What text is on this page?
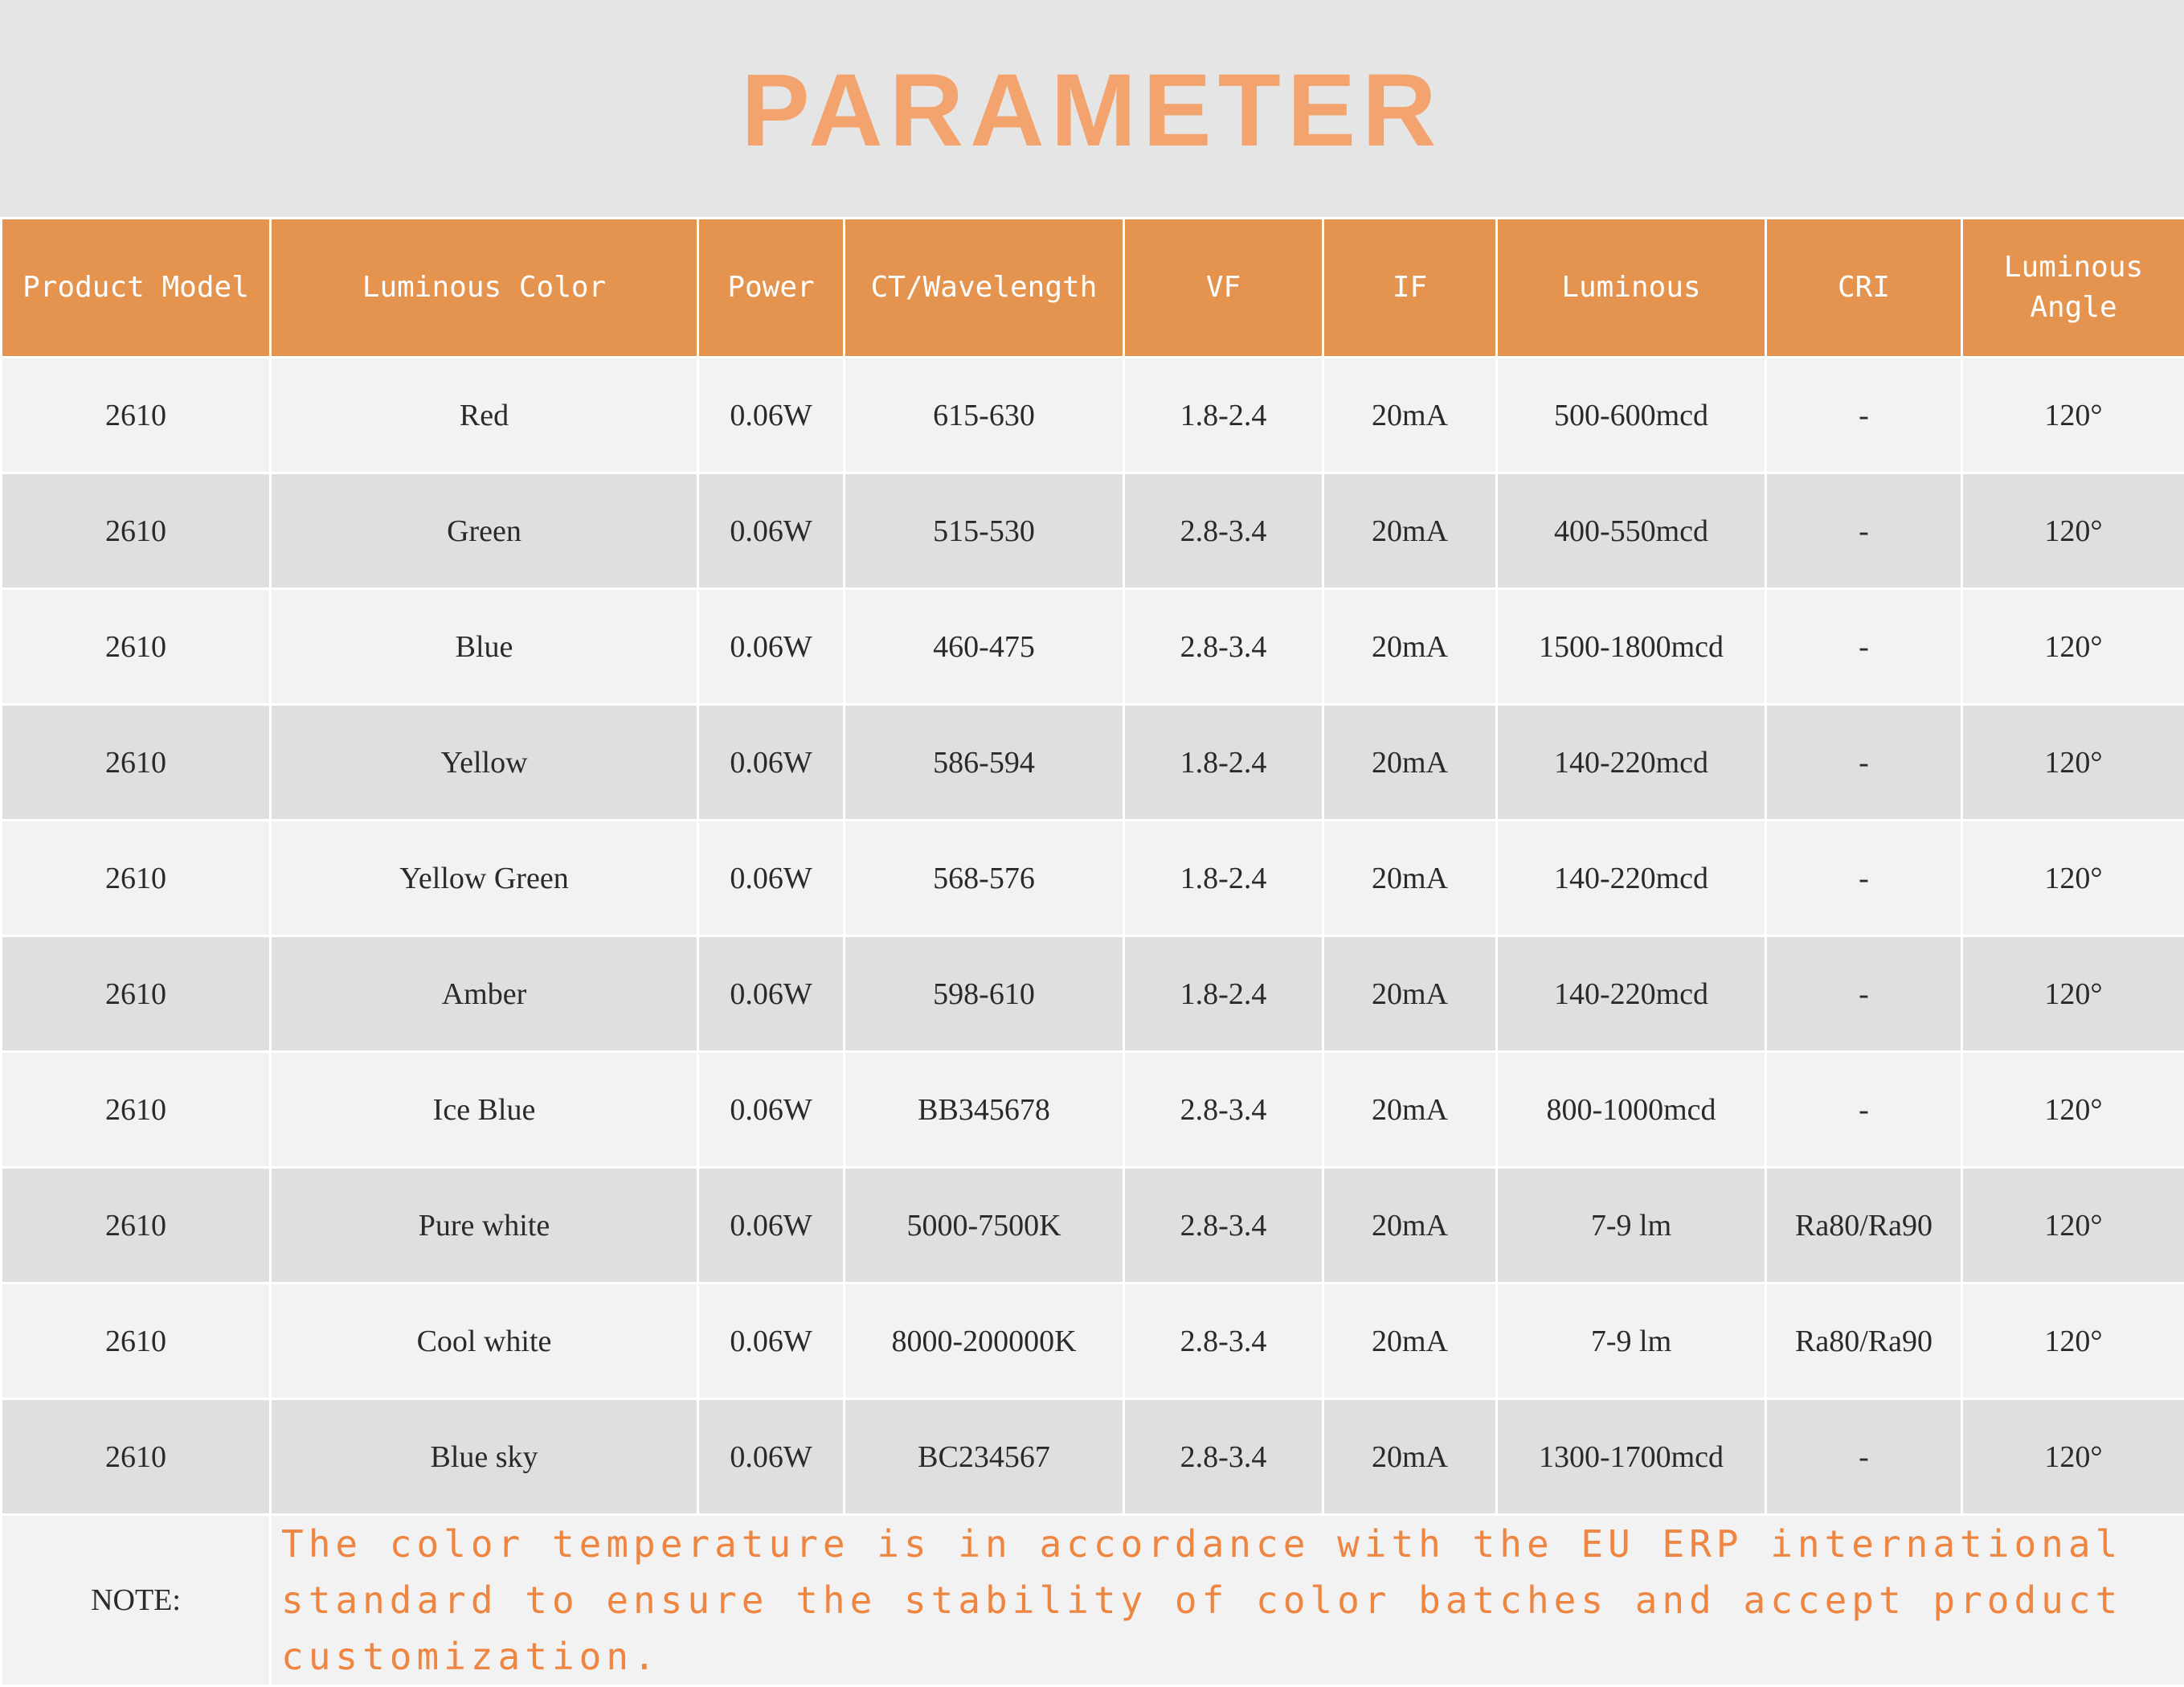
PARAMETER
Product Model	Luminous Color	Power	CT/Wavelength	VF	IF	Luminous	CRI	Luminous Angle
2610	Red	0.06W	615-630	1.8-2.4	20mA	500-600mcd	-	120°
2610	Green	0.06W	515-530	2.8-3.4	20mA	400-550mcd	-	120°
2610	Blue	0.06W	460-475	2.8-3.4	20mA	1500-1800mcd	-	120°
2610	Yellow	0.06W	586-594	1.8-2.4	20mA	140-220mcd	-	120°
2610	Yellow Green	0.06W	568-576	1.8-2.4	20mA	140-220mcd	-	120°
2610	Amber	0.06W	598-610	1.8-2.4	20mA	140-220mcd	-	120°
2610	Ice Blue	0.06W	BB345678	2.8-3.4	20mA	800-1000mcd	-	120°
2610	Pure white	0.06W	5000-7500K	2.8-3.4	20mA	7-9 lm	Ra80/Ra90	120°
2610	Cool white	0.06W	8000-200000K	2.8-3.4	20mA	7-9 lm	Ra80/Ra90	120°
2610	Blue sky	0.06W	BC234567	2.8-3.4	20mA	1300-1700mcd	-	120°
NOTE:	The color temperature is in accordance with the EU ERP international standard to ensure the stability of color batches and accept product customization.							
